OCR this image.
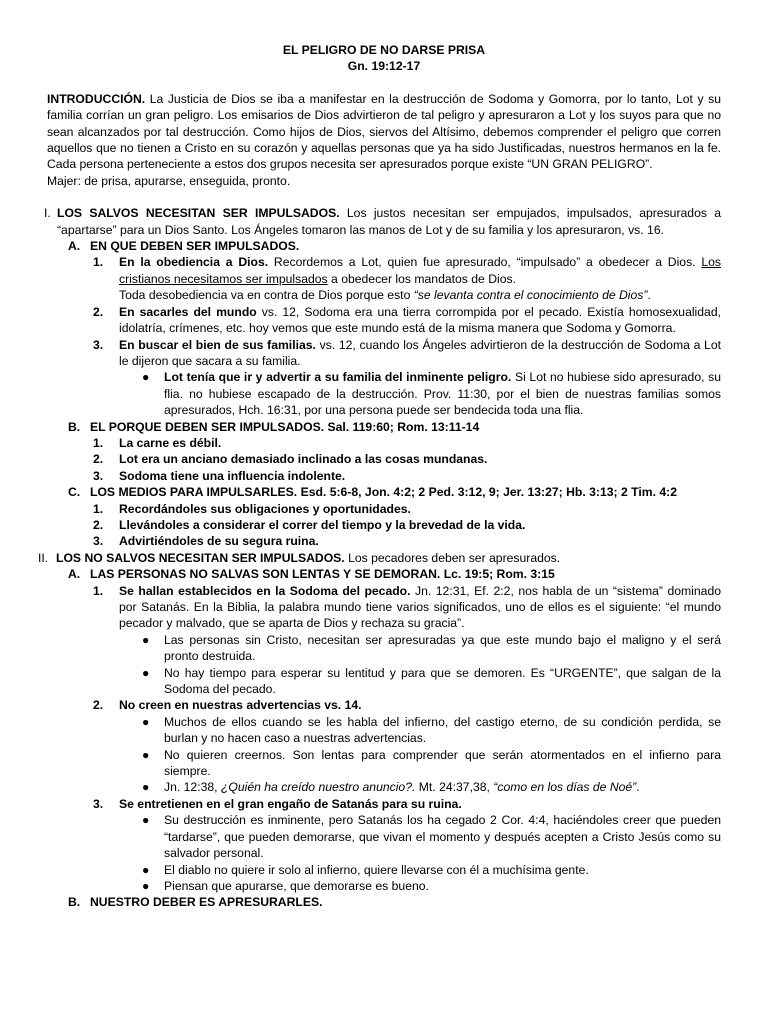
EL PELIGRO DE NO DARSE PRISA

Gn. 19:12-17

INTRODUCCIÓN. La Justicia de Dios se iba a manifestar en la destrucción de Sodoma y Gomorra, por lo tanto, Lot y su familia corrían un gran peligro. Los emisarios de Dios advirtieron de tal peligro y apresuraron a Lot y los suyos para que no sean alcanzados por tal destrucción. Como hijos de Dios, siervos del Altísimo, debemos comprender el peligro que corren aquellos que no tienen a Cristo en su corazón y aquellas personas que ya ha sido Justificadas, nuestros hermanos en la fe. Cada persona perteneciente a estos dos grupos necesita ser apresurados porque existe “UN GRAN PELIGRO”.

Majer: de prisa, apurarse, enseguida, pronto.

I. LOS SALVOS NECESITAN SER IMPULSADOS. Los justos necesitan ser empujados, impulsados, apresurados a “apartarse” para un Dios Santo. Los Ángeles tomaron las manos de Lot y de su familia y los apresuraron, vs. 16.

A. EN QUE DEBEN SER IMPULSADOS.

1.	En la obediencia a Dios. Recordemos a Lot, quien fue apresurado, “impulsado” a obedecer a Dios. Los cristianos necesitamos ser impulsados a obedecer los mandatos de Dios.

Toda desobediencia va en contra de Dios porque esto “se levanta contra el conocimiento de Dios”.

2.	En sacarles del mundo vs. 12, Sodoma era una tierra corrompida por el pecado. Existía homosexualidad, idolatría, crímenes, etc. hoy vemos que este mundo está de la misma manera que Sodoma y Gomorra.

3.	En buscar el bien de sus familias. vs. 12, cuando los Ángeles advirtieron de la destrucción de Sodoma a Lot le dijeron que sacara a su familia.

●	Lot tenía que ir y advertir a su familia del inminente peligro. Si Lot no hubiese sido apresurado, su flia. no hubiese escapado de la destrucción. Prov. 11:30, por el bien de nuestras familias somos apresurados, Hch. 16:31, por una persona puede ser bendecida toda una flia.

B. EL PORQUE DEBEN SER IMPULSADOS. Sal. 119:60; Rom. 13:11-14

1.	La carne es débil.

2.	Lot era un anciano demasiado inclinado a las cosas mundanas.

3.	Sodoma tiene una influencia indolente.

C. LOS MEDIOS PARA IMPULSARLES. Esd. 5:6-8, Jon. 4:2; 2 Ped. 3:12, 9; Jer. 13:27; Hb. 3:13; 2 Tim. 4:2

1.	Recordándoles sus obligaciones y oportunidades.

2.	Llevándoles a considerar el correr del tiempo y la brevedad de la vida.

3.	Advirtiéndoles de su segura ruina.

II. LOS NO SALVOS NECESITAN SER IMPULSADOS. Los pecadores deben ser apresurados.

A. LAS PERSONAS NO SALVAS SON LENTAS Y SE DEMORAN. Lc. 19:5; Rom. 3:15

1.	Se hallan establecidos en la Sodoma del pecado. Jn. 12:31, Ef. 2:2, nos habla de un “sistema” dominado por Satanás. En la Biblia, la palabra mundo tiene varios significados, uno de ellos es el siguiente: “el mundo pecador y malvado, que se aparta de Dios y rechaza su gracia”.

●	Las personas sin Cristo, necesitan ser apresuradas ya que este mundo bajo el maligno y el será pronto destruida.

●	No hay tiempo para esperar su lentitud y para que se demoren. Es “URGENTE”, que salgan de la Sodoma del pecado.

2.	No creen en nuestras advertencias vs. 14.

●	Muchos de ellos cuando se les habla del infierno, del castigo eterno, de su condición perdida, se burlan y no hacen caso a nuestras advertencias.

●	No quieren creernos. Son lentas para comprender que serán atormentados en el infierno para siempre.

●	Jn. 12:38, ¿Quién ha creído nuestro anuncio?. Mt. 24:37,38, “como en los días de Noé”.

3.	Se entretienen en el gran engaño de Satanás para su ruina.

●	Su destrucción es inminente, pero Satanás los ha cegado 2 Cor. 4:4, haciéndoles creer que pueden “tardarse”, que pueden demorarse, que vivan el momento y después acepten a Cristo Jesús como su salvador personal.

●	El diablo no quiere ir solo al infierno, quiere llevarse con él a muchísima gente.

●	Piensan que apurarse, que demorarse es bueno.

B. NUESTRO DEBER ES APRESURARLES.
